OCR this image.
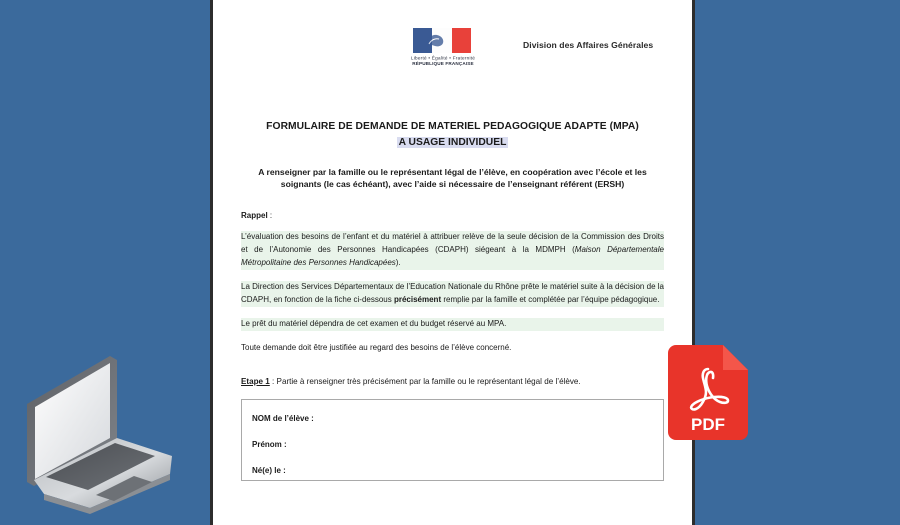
Liberté • Égalité • Fraternité
RÉPUBLIQUE FRANÇAISE
Division des Affaires Générales
FORMULAIRE DE DEMANDE DE MATERIEL PEDAGOGIQUE ADAPTE (MPA)
A USAGE INDIVIDUEL
A renseigner par la famille ou le représentant légal de l’élève, en coopération avec l’école et les soignants (le cas échéant), avec l’aide si nécessaire de l’enseignant référent (ERSH)
Rappel :

L’évaluation des besoins de l’enfant et du matériel à attribuer relève de la seule décision de la Commission des Droits et de l’Autonomie des Personnes Handicapées (CDAPH) siégeant à la MDMPH (Maison Départementale Métropolitaine des Personnes Handicapées).

La Direction des Services Départementaux de l’Education Nationale du Rhône prête le matériel suite à la décision de la CDAPH, en fonction de la fiche ci-dessous précisément remplie par la famille et complétée par l’équipe pédagogique.

Le prêt du matériel dépendra de cet examen et du budget réservé au MPA.

Toute demande doit être justifiée au regard des besoins de l’élève concerné.

Etape 1 : Partie à renseigner très précisément par la famille ou le représentant légal de l’élève.
NOM de l’élève :
Prénom :
Né(e) le :
PDF
